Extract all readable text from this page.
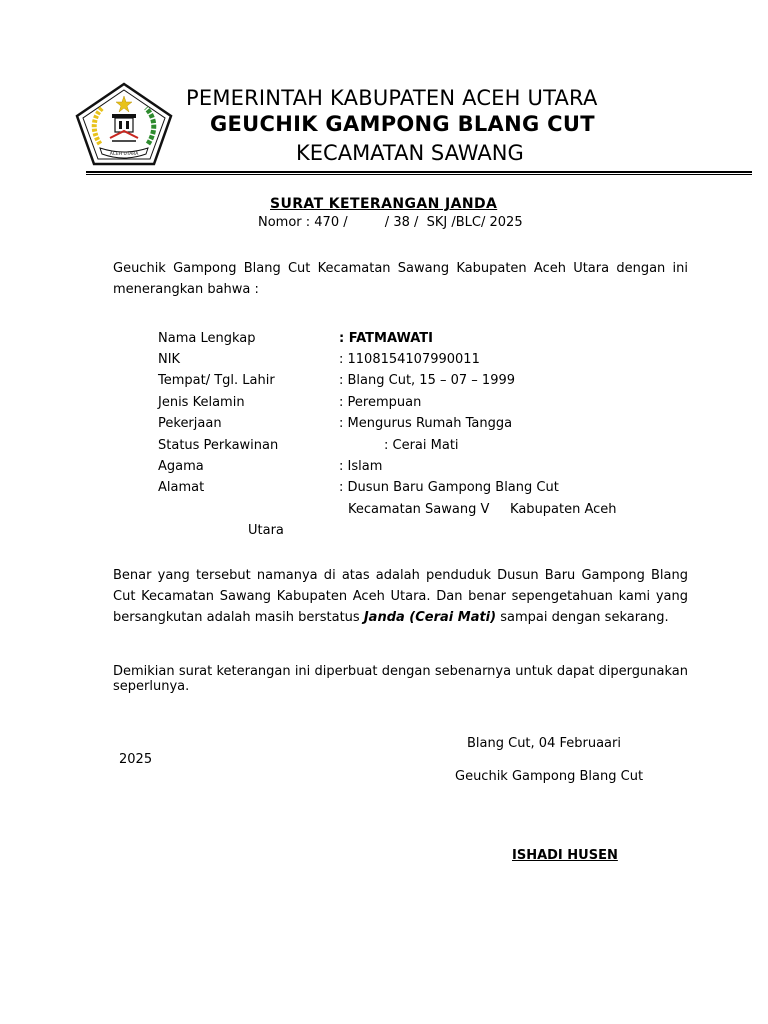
ACEH UTARA
PEMERINTAH KABUPATEN ACEH UTARA
GEUCHIK GAMPONG BLANG CUT
KECAMATAN SAWANG
SURAT KETERANGAN JANDA
Nomor : 470 /         / 38 /  SKJ /BLC/ 2025
Geuchik Gampong Blang Cut Kecamatan Sawang Kabupaten Aceh Utara dengan ini menerangkan bahwa :
Nama Lengkap	: FATMAWATI
NIK	: 1108154107990011
Tempat/ Tgl. Lahir	: Blang Cut, 15 – 07 – 1999
Jenis Kelamin	: Perempuan
Pekerjaan	: Mengurus Rumah Tangga
Status Perkawinan	: Cerai Mati
Agama	: Islam
Alamat	: Dusun Baru Gampong Blang Cut
Kecamatan Sawang V     Kabupaten Aceh
Utara
Benar yang tersebut namanya di atas adalah penduduk Dusun Baru Gampong Blang Cut Kecamatan Sawang Kabupaten Aceh Utara. Dan benar sepengetahuan kami yang bersangkutan adalah masih berstatus Janda (Cerai Mati) sampai dengan sekarang.
Demikian surat keterangan ini diperbuat dengan sebenarnya untuk dapat dipergunakan seperlunya.
Blang Cut, 04 Februaari
2025
Geuchik Gampong Blang Cut
ISHADI HUSEN
